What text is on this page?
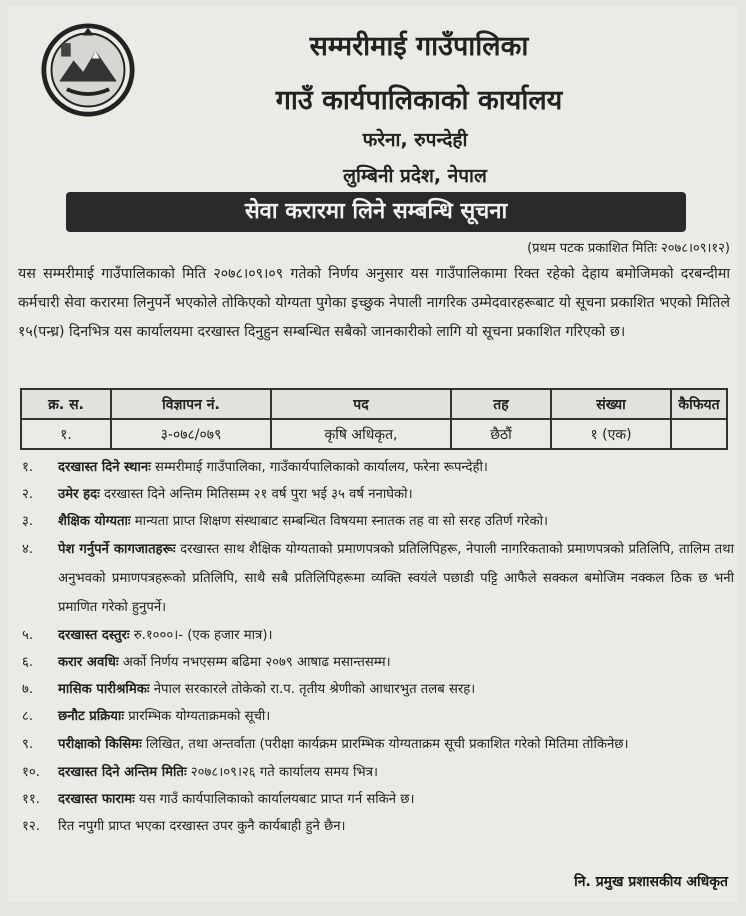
सम्मरीमाई गाउँपालिका
गाउँ कार्यपालिकाको कार्यालय
फरेना, रुपन्देही
लुम्बिनी प्रदेश, नेपाल
सेवा करारमा लिने सम्बन्धि सूचना
(प्रथम पटक प्रकाशित मितिः २०७८।०९।१२)
यस सम्मरीमाई गाउँपालिकाको मिति २०७८।०९।०९ गतेको निर्णय अनुसार यस गाउँपालिकामा रिक्त रहेको देहाय बमोजिमको दरबन्दीमा कर्मचारी सेवा करारमा लिनुपर्ने भएकोले तोकिएको योग्यता पुगेका इच्छुक नेपाली नागरिक उम्मेदवारहरूबाट यो सूचना प्रकाशित भएको मितिले १५(पन्ध्र) दिनभित्र यस कार्यालयमा दरखास्त दिनुहुन सम्बन्धित सबैको जानकारीको लागि यो सूचना प्रकाशित गरिएको छ।
क्र. स.	विज्ञापन नं.	पद	तह	संख्या	कैफियत
१.	३-०७८/०७९	कृषि अधिकृत,	छैठौं	१ (एक)	
१. दरखास्त दिने स्थानः सम्मरीमाई गाउँपालिका, गाउँकार्यपालिकाको कार्यालय, फरेना रूपन्देही।
२. उमेर हदः दरखास्त दिने अन्तिम मितिसम्म २१ वर्ष पुरा भई ३५ वर्ष ननाघेको।
३. शैक्षिक योग्यताः मान्यता प्राप्त शिक्षण संस्थाबाट सम्बन्धित विषयमा स्नातक तह वा सो सरह उतिर्ण गरेको।
४. पेश गर्नुपर्ने कागजातहरूः दरखास्त साथ शैक्षिक योग्यताको प्रमाणपत्रको प्रतिलिपिहरू, नेपाली नागरिकताको प्रमाणपत्रको प्रतिलिपि, तालिम तथा अनुभवको प्रमाणपत्रहरूको प्रतिलिपि, साथै सबै प्रतिलिपिहरूमा व्यक्ति स्वयंले पछाडी पट्टि आफैले सक्कल बमोजिम नक्कल ठिक छ भनी प्रमाणित गरेको हुनुपर्ने।
५. दरखास्त दस्तुरः रु.१०००।- (एक हजार मात्र)।
६. करार अवधिः अर्को निर्णय नभएसम्म बढिमा २०७९ आषाढ मसान्तसम्म।
७. मासिक पारीश्रमिकः नेपाल सरकारले तोकेको रा.प. तृतीय श्रेणीको आधारभुत तलब सरह।
८. छनौट प्रक्रियाः प्रारम्भिक योग्यताक्रमको सूची।
९. परीक्षाको किसिमः लिखित, तथा अन्तर्वाता (परीक्षा कार्यक्रम प्रारम्भिक योग्यताक्रम सूची प्रकाशित गरेको मितिमा तोकिनेछ।
१०. दरखास्त दिने अन्तिम मितिः २०७८।०९।२६ गते कार्यालय समय भित्र।
११. दरखास्त फारामः यस गाउँ कार्यपालिकाको कार्यालयबाट प्राप्त गर्न सकिने छ।
१२. रित नपुगी प्राप्त भएका दरखास्त उपर कुनै कार्यबाही हुने छैन।
नि. प्रमुख प्रशासकीय अधिकृत
